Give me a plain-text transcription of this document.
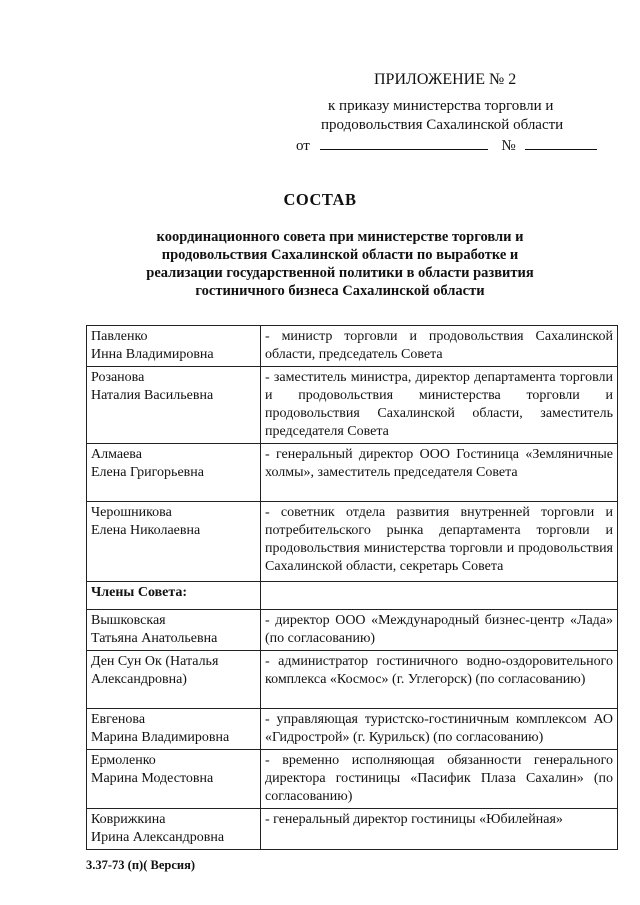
ПРИЛОЖЕНИЕ № 2
к приказу министерства торговли и
продовольствия Сахалинской области
от	№
СОСТАВ
координационного совета при министерстве торговли и
продовольствия Сахалинской области по выработке и
реализации государственной политики в области развития
гостиничного бизнеса Сахалинской области
Павленко
Инна Владимировна	- министр торговли и продовольствия Сахалинской области, председатель Совета

Розанова
Наталия Васильевна	- заместитель министра, директор департамента торговли и продовольствия министерства торговли и продовольствия Сахалинской области, заместитель председателя Совета

Алмаева
Елена Григорьевна	- генеральный директор ООО Гостиница «Земляничные холмы», заместитель председателя Совета

Черошникова
Елена Николаевна	- советник отдела развития внутренней торговли и потребительского рынка департамента торговли и продовольствия министерства торговли и продовольствия Сахалинской области, секретарь Совета
Члены Совета:	

Вышковская
Татьяна Анатольевна	- директор ООО «Международный бизнес-центр «Лада» (по согласованию)

Ден Сун Ок (Наталья
Александровна)	- администратор гостиничного водно-оздоровительного комплекса «Космос» (г. Углегорск) (по согласованию)

Евгенова
Марина Владимировна	- управляющая туристско-гостиничным комплексом АО «Гидрострой» (г. Курильск) (по согласованию)

Ермоленко
Марина Модестовна	- временно исполняющая обязанности генерального директора гостиницы «Пасифик Плаза Сахалин» (по согласованию)

Коврижкина
Ирина Александровна	- генеральный директор гостиницы «Юбилейная»
3.37-73 (п)( Версия)
